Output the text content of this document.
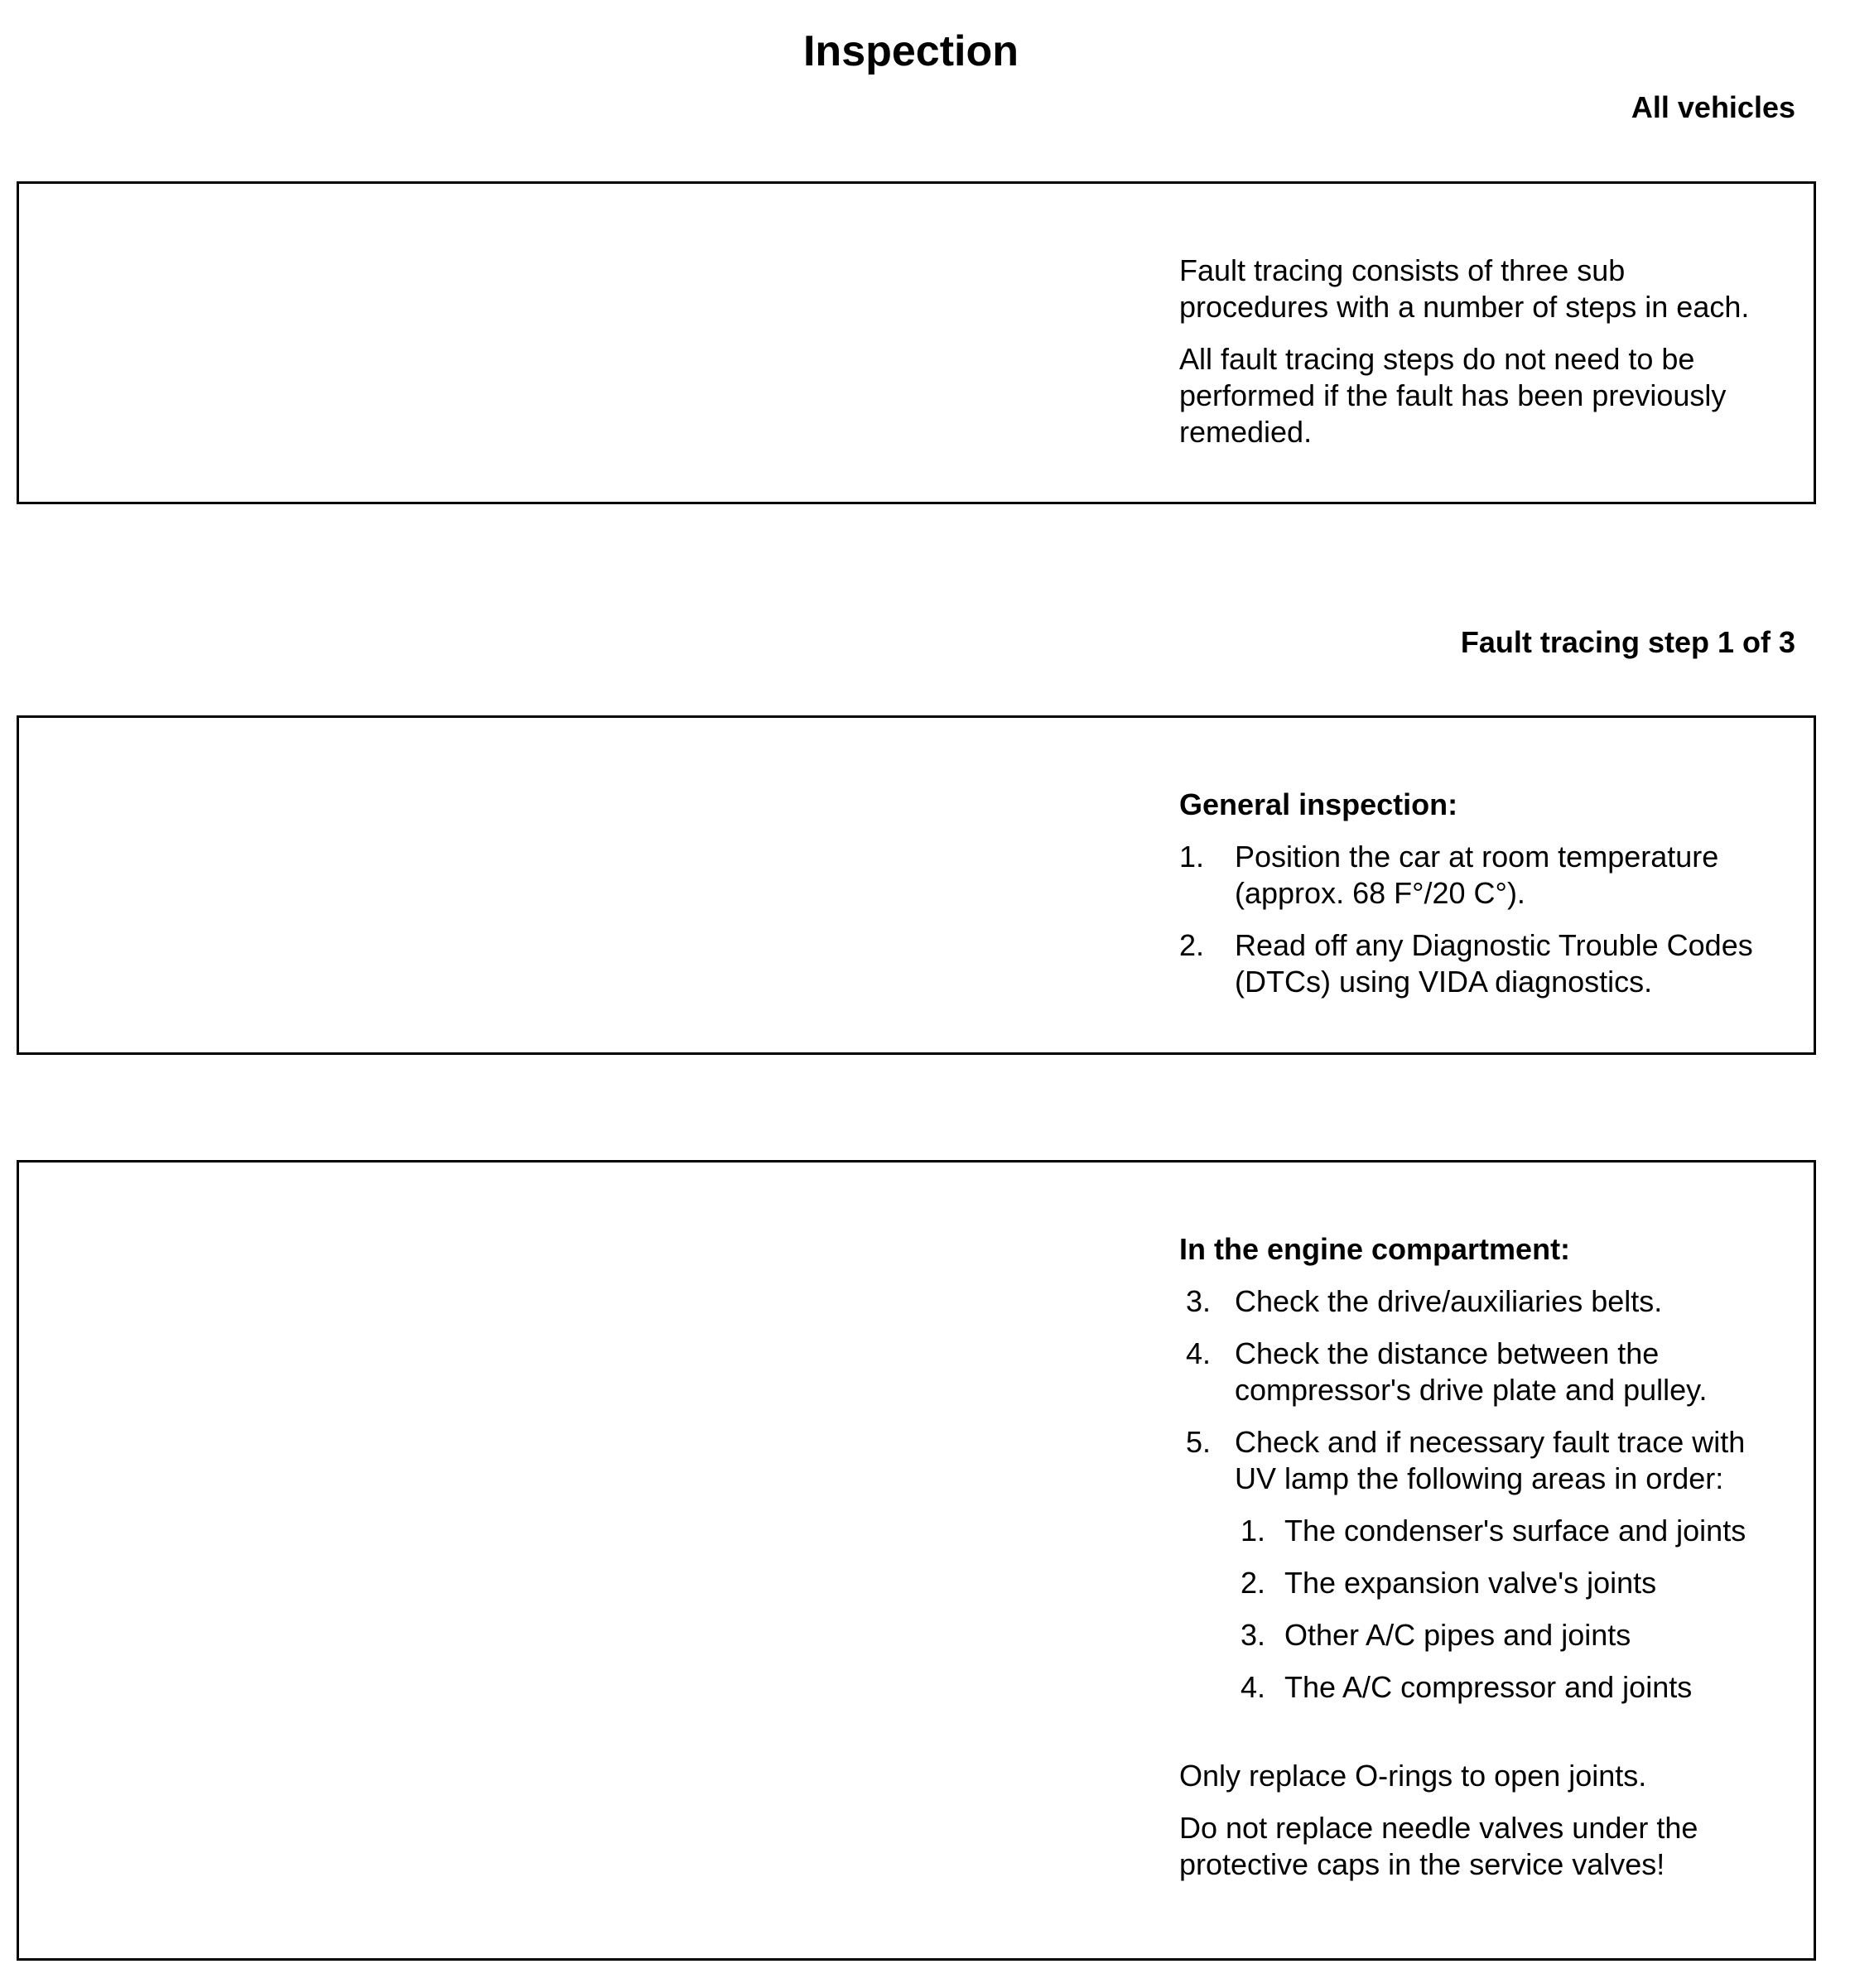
Inspection
All vehicles

Fault tracing consists of three sub
procedures with a number of steps in each.

All fault tracing steps do not need to be
performed if the fault has been previously
remedied.

Fault tracing step 1 of 3
General inspection:
1.	Position the car at room temperature
(approx. 68 F°/20 C°).
2.	Read off any Diagnostic Trouble Codes
(DTCs) using VIDA diagnostics.
In the engine compartment:
3. Check the drive/auxiliaries belts.
4. Check the distance between the
compressor's drive plate and pulley.
5. Check and if necessary fault trace with
UV lamp the following areas in order:
1. The condenser's surface and joints
2. The expansion valve's joints
3. Other A/C pipes and joints
4. The A/C compressor and joints

Only replace O-rings to open joints.

Do not replace needle valves under the
protective caps in the service valves!
